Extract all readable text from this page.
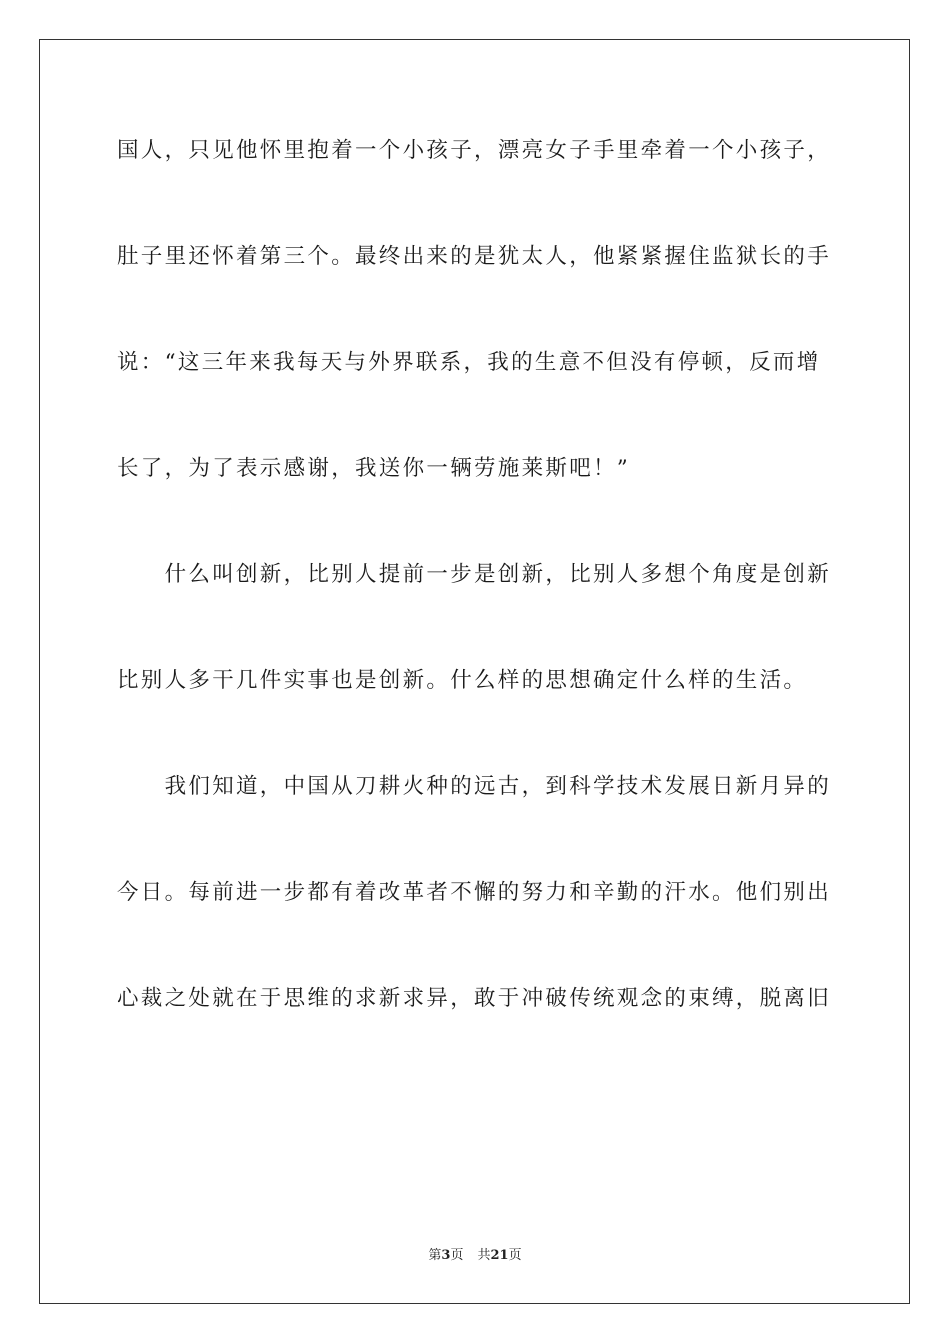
国人，只见他怀里抱着一个小孩子，漂亮女子手里牵着一个小孩子，
肚子里还怀着第三个。最终出来的是犹太人，他紧紧握住监狱长的手
说：“这三年来我每天与外界联系，我的生意不但没有停顿，反而增
长了，为了表示感谢，我送你一辆劳施莱斯吧！”
　　什么叫创新，比别人提前一步是创新，比别人多想个角度是创新
比别人多干几件实事也是创新。什么样的思想确定什么样的生活。
　　我们知道，中国从刀耕火种的远古，到科学技术发展日新月异的
今日。每前进一步都有着改革者不懈的努力和辛勤的汗水。他们别出
心裁之处就在于思维的求新求异，敢于冲破传统观念的束缚，脱离旧
第3页 共21页
